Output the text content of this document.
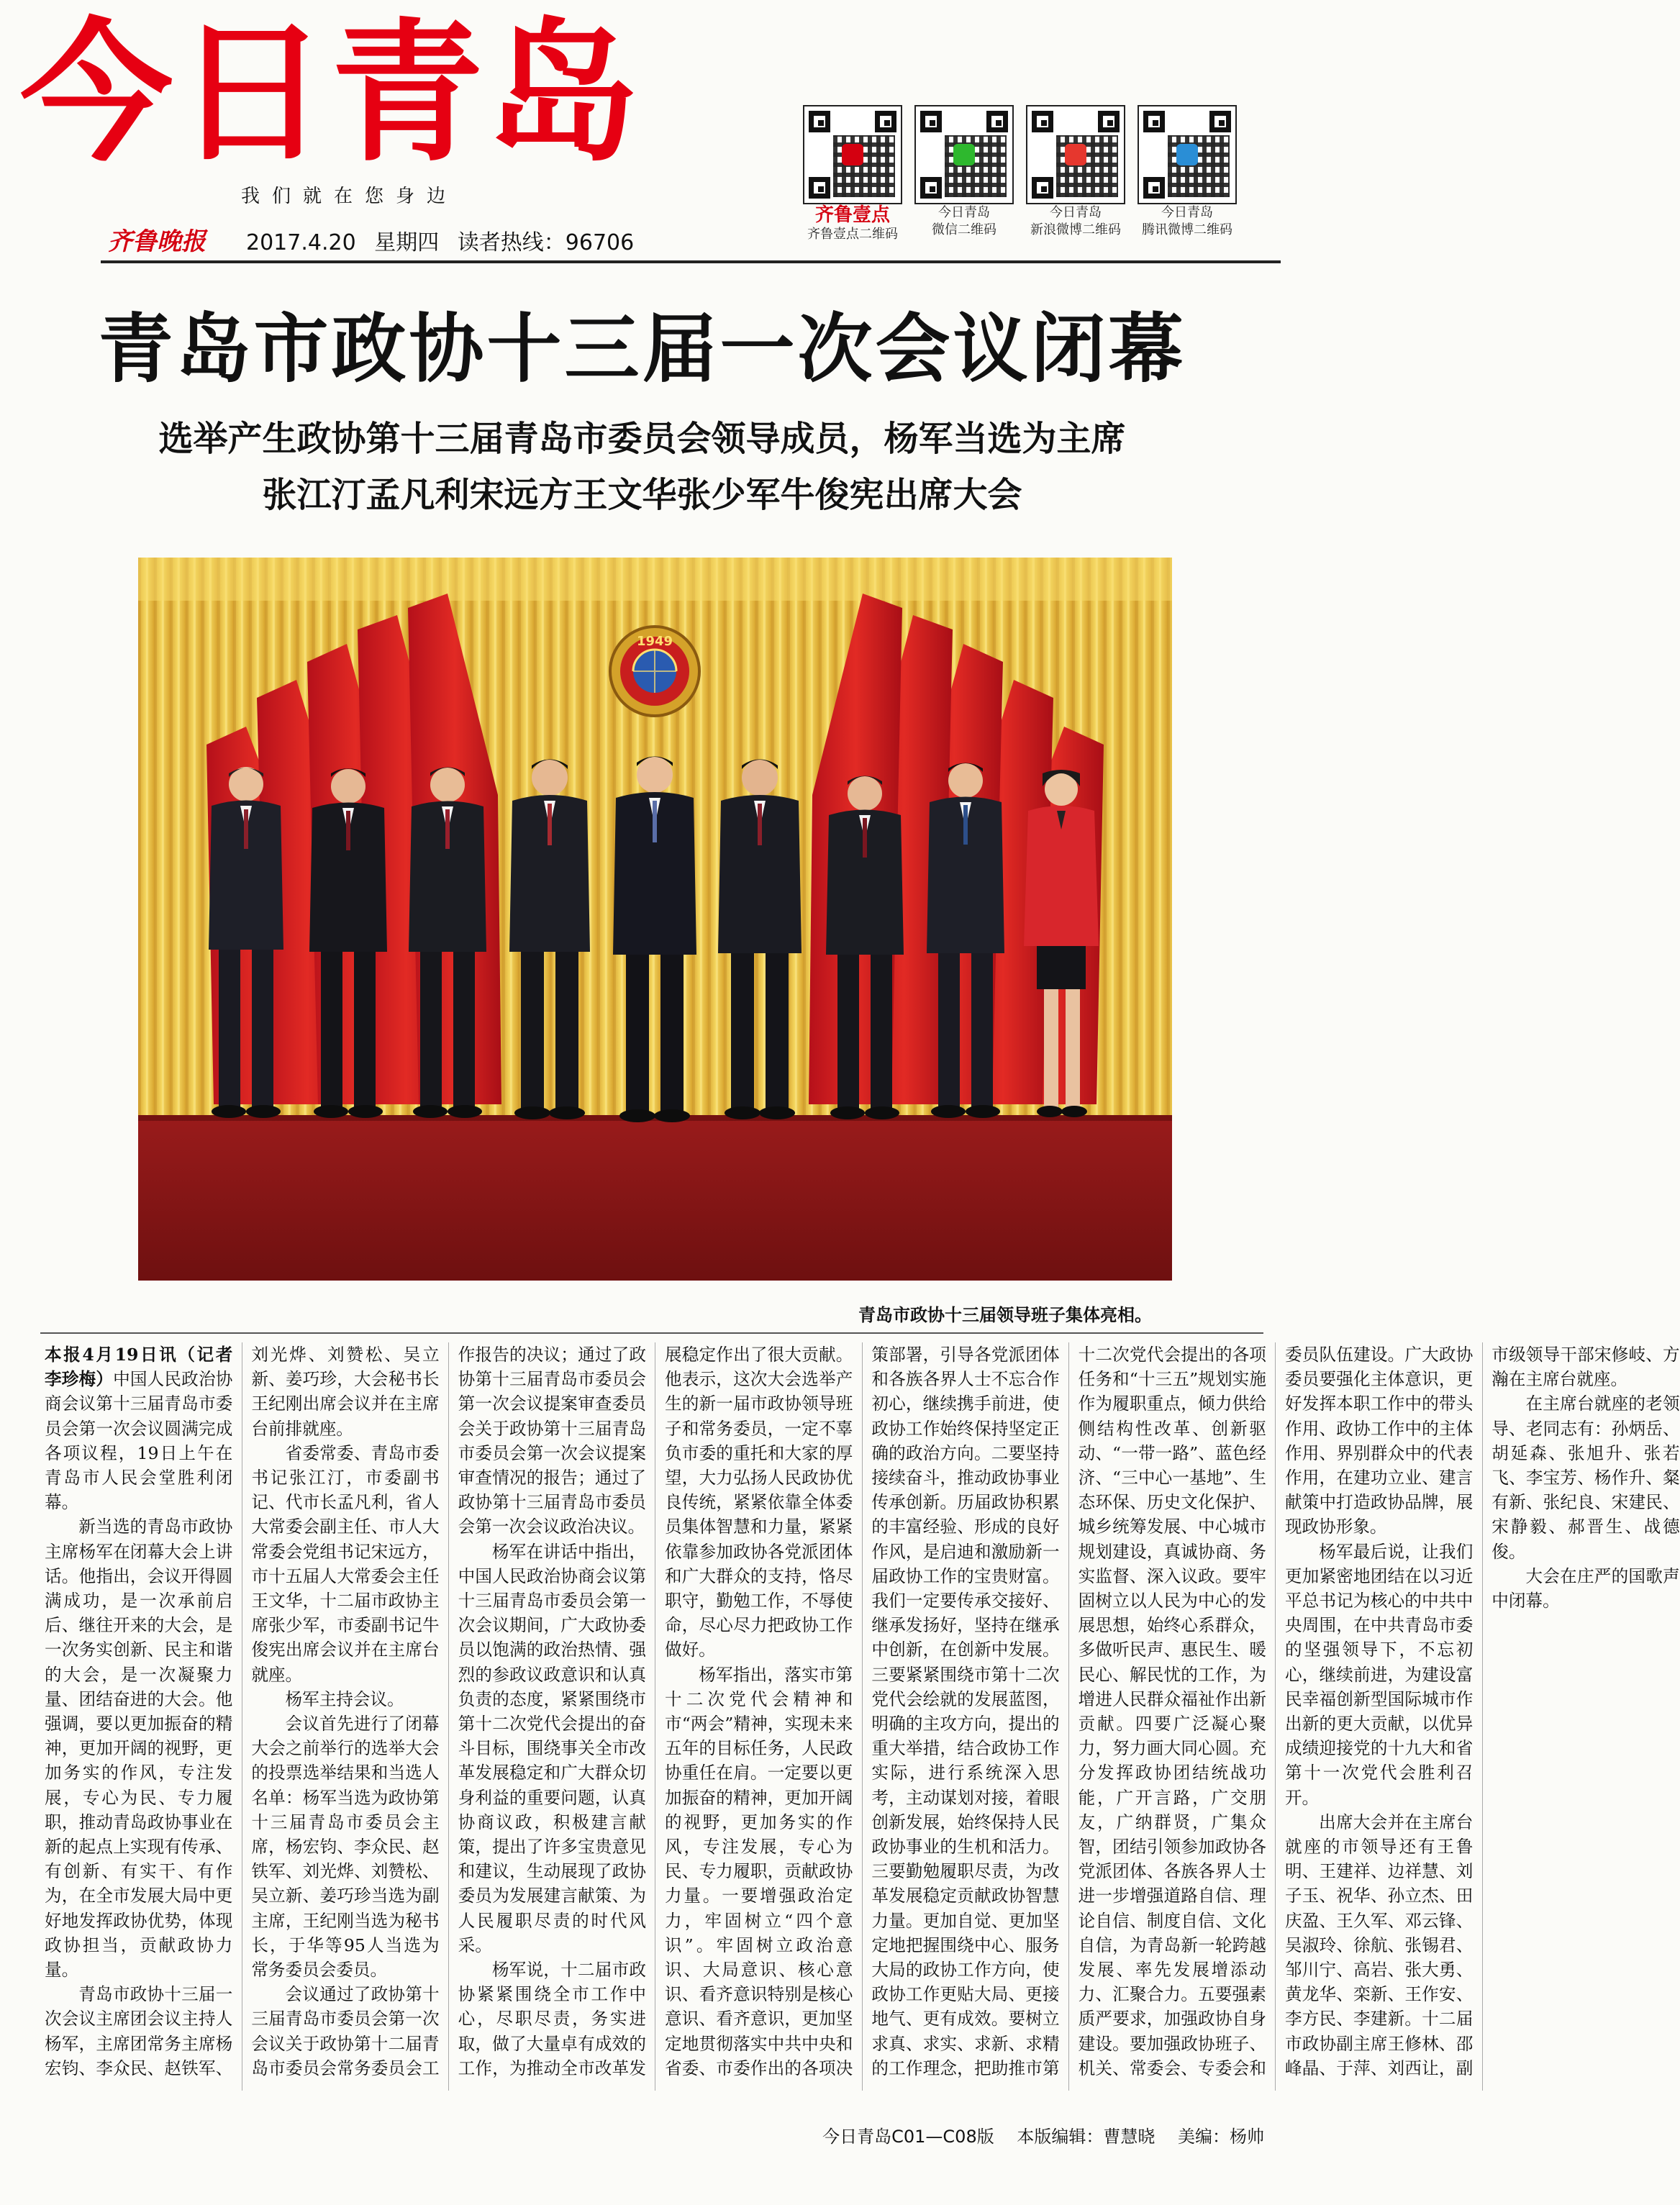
今日青岛
我们就在您身边
齐鲁晚报 2017.4.20 星期四 读者热线：96706
齐鲁壹点
齐鲁壹点二维码
今日青岛
微信二维码
今日青岛
新浪微博二维码
今日青岛
腾讯微博二维码
青岛市政协十三届一次会议闭幕
选举产生政协第十三届青岛市委员会领导成员，杨军当选为主席
张江汀孟凡利宋远方王文华张少军牛俊宪出席大会
1949
青岛市政协十三届领导班子集体亮相。

本报4月19日讯（记者　李珍梅）中国人民政治协商会议第十三届青岛市委员会第一次会议圆满完成各项议程，19日上午在青岛市人民会堂胜利闭幕。

新当选的青岛市政协主席杨军在闭幕大会上讲话。他指出，会议开得圆满成功，是一次承前启后、继往开来的大会，是一次务实创新、民主和谐的大会，是一次凝聚力量、团结奋进的大会。他强调，要以更加振奋的精神，更加开阔的视野，更加务实的作风，专注发展，专心为民、专力履职，推动青岛政协事业在新的起点上实现有传承、有创新、有实干、有作为，在全市发展大局中更好地发挥政协优势，体现政协担当，贡献政协力量。

青岛市政协十三届一次会议主席团会议主持人杨军，主席团常务主席杨宏钧、李众民、赵铁军、刘光烨、刘赞松、吴立新、姜巧珍，大会秘书长王纪刚出席会议并在主席台前排就座。

省委常委、青岛市委书记张江汀，市委副书记、代市长孟凡利，省人大常委会副主任、市人大常委会党组书记宋远方，市十五届人大常委会主任王文华，十二届市政协主席张少军，市委副书记牛俊宪出席会议并在主席台就座。

杨军主持会议。

会议首先进行了闭幕大会之前举行的选举大会的投票选举结果和当选人名单：杨军当选为政协第十三届青岛市委员会主席，杨宏钧、李众民、赵铁军、刘光烨、刘赞松、吴立新、姜巧珍当选为副主席，王纪刚当选为秘书长，于华等95人当选为常务委员会委员。

会议通过了政协第十三届青岛市委员会第一次会议关于政协第十二届青岛市委员会常务委员会工作报告的决议；通过了政协第十三届青岛市委员会第一次会议提案审查委员会关于政协第十三届青岛市委员会第一次会议提案审查情况的报告；通过了政协第十三届青岛市委员会第一次会议政治决议。

杨军在讲话中指出，中国人民政治协商会议第十三届青岛市委员会第一次会议期间，广大政协委员以饱满的政治热情、强烈的参政议政意识和认真负责的态度，紧紧围绕市第十二次党代会提出的奋斗目标，围绕事关全市改革发展稳定和广大群众切身利益的重要问题，认真协商议政，积极建言献策，提出了许多宝贵意见和建议，生动展现了政协委员为发展建言献策、为人民履职尽责的时代风采。

杨军说，十二届市政协紧紧围绕全市工作中心，尽职尽责，务实进取，做了大量卓有成效的工作，为推动全市改革发展稳定作出了很大贡献。他表示，这次大会选举产生的新一届市政协领导班子和常务委员，一定不辜负市委的重托和大家的厚望，大力弘扬人民政协优良传统，紧紧依靠全体委员集体智慧和力量，紧紧依靠参加政协各党派团体和广大群众的支持，恪尽职守，勤勉工作，不辱使命，尽心尽力把政协工作做好。

杨军指出，落实市第十二次党代会精神和市“两会”精神，实现未来五年的目标任务，人民政协重任在肩。一定要以更加振奋的精神，更加开阔的视野，更加务实的作风，专注发展，专心为民、专力履职，贡献政协力量。一要增强政治定力，牢固树立“四个意识”。牢固树立政治意识、大局意识、核心意识、看齐意识特别是核心意识、看齐意识，更加坚定地贯彻落实中共中央和省委、市委作出的各项决策部署，引导各党派团体和各族各界人士不忘合作初心，继续携手前进，使政协工作始终保持坚定正确的政治方向。二要坚持接续奋斗，推动政协事业传承创新。历届政协积累的丰富经验、形成的良好作风，是启迪和激励新一届政协工作的宝贵财富。我们一定要传承交接好、继承发扬好，坚持在继承中创新，在创新中发展。三要紧紧围绕市第十二次党代会绘就的发展蓝图，明确的主攻方向，提出的重大举措，结合政协工作实际，进行系统深入思考，主动谋划对接，着眼创新发展，始终保持人民政协事业的生机和活力。三要勤勉履职尽责，为改革发展稳定贡献政协智慧力量。更加自觉、更加坚定地把握围绕中心、服务大局的政协工作方向，使政协工作更贴大局、更接地气、更有成效。要树立求真、求实、求新、求精的工作理念，把助推市第十二次党代会提出的各项任务和“十三五”规划实施作为履职重点，倾力供给侧结构性改革、创新驱动、“一带一路”、蓝色经济、“三中心一基地”、生态环保、历史文化保护、城乡统筹发展、中心城市规划建设，真诚协商、务实监督、深入议政。要牢固树立以人民为中心的发展思想，始终心系群众，多做听民声、惠民生、暖民心、解民忧的工作，为增进人民群众福祉作出新贡献。四要广泛凝心聚力，努力画大同心圆。充分发挥政协团结统战功能，广开言路，广交朋友，广纳群贤，广集众智，团结引领参加政协各党派团体、各族各界人士进一步增强道路自信、理论自信、制度自信、文化自信，为青岛新一轮跨越发展、率先发展增添动力、汇聚合力。五要强素质严要求，加强政协自身建设。要加强政协班子、机关、常委会、专委会和委员队伍建设。广大政协委员要强化主体意识，更好发挥本职工作中的带头作用、政协工作中的主体作用、界别群众中的代表作用，在建功立业、建言献策中打造政协品牌，展现政协形象。

杨军最后说，让我们更加紧密地团结在以习近平总书记为核心的中共中央周围，在中共青岛市委的坚强领导下，不忘初心，继续前进，为建设富民幸福创新型国际城市作出新的更大贡献，以优异成绩迎接党的十九大和省第十一次党代会胜利召开。

出席大会并在主席台就座的市领导还有王鲁明、王建祥、边祥慧、刘子玉、祝华、孙立杰、田庆盈、王久军、邓云锋、吴淑玲、徐航、张锡君、邹川宁、高岩、张大勇、黄龙华、栾新、王作安、李方民、李建新。十二届市政协副主席王修林、邵峰晶、于萍、刘西让，副市级领导干部宋修岐、方瀚在主席台就座。

在主席台就座的老领导、老同志有：孙炳岳、胡延森、张旭升、张若飞、李宝芳、杨作升、粲有新、张纪良、宋建民、宋静毅、郝晋生、战德俊。

大会在庄严的国歌声中闭幕。

今日青岛C01—C08版 本版编辑：曹慧晓 美编：杨帅
